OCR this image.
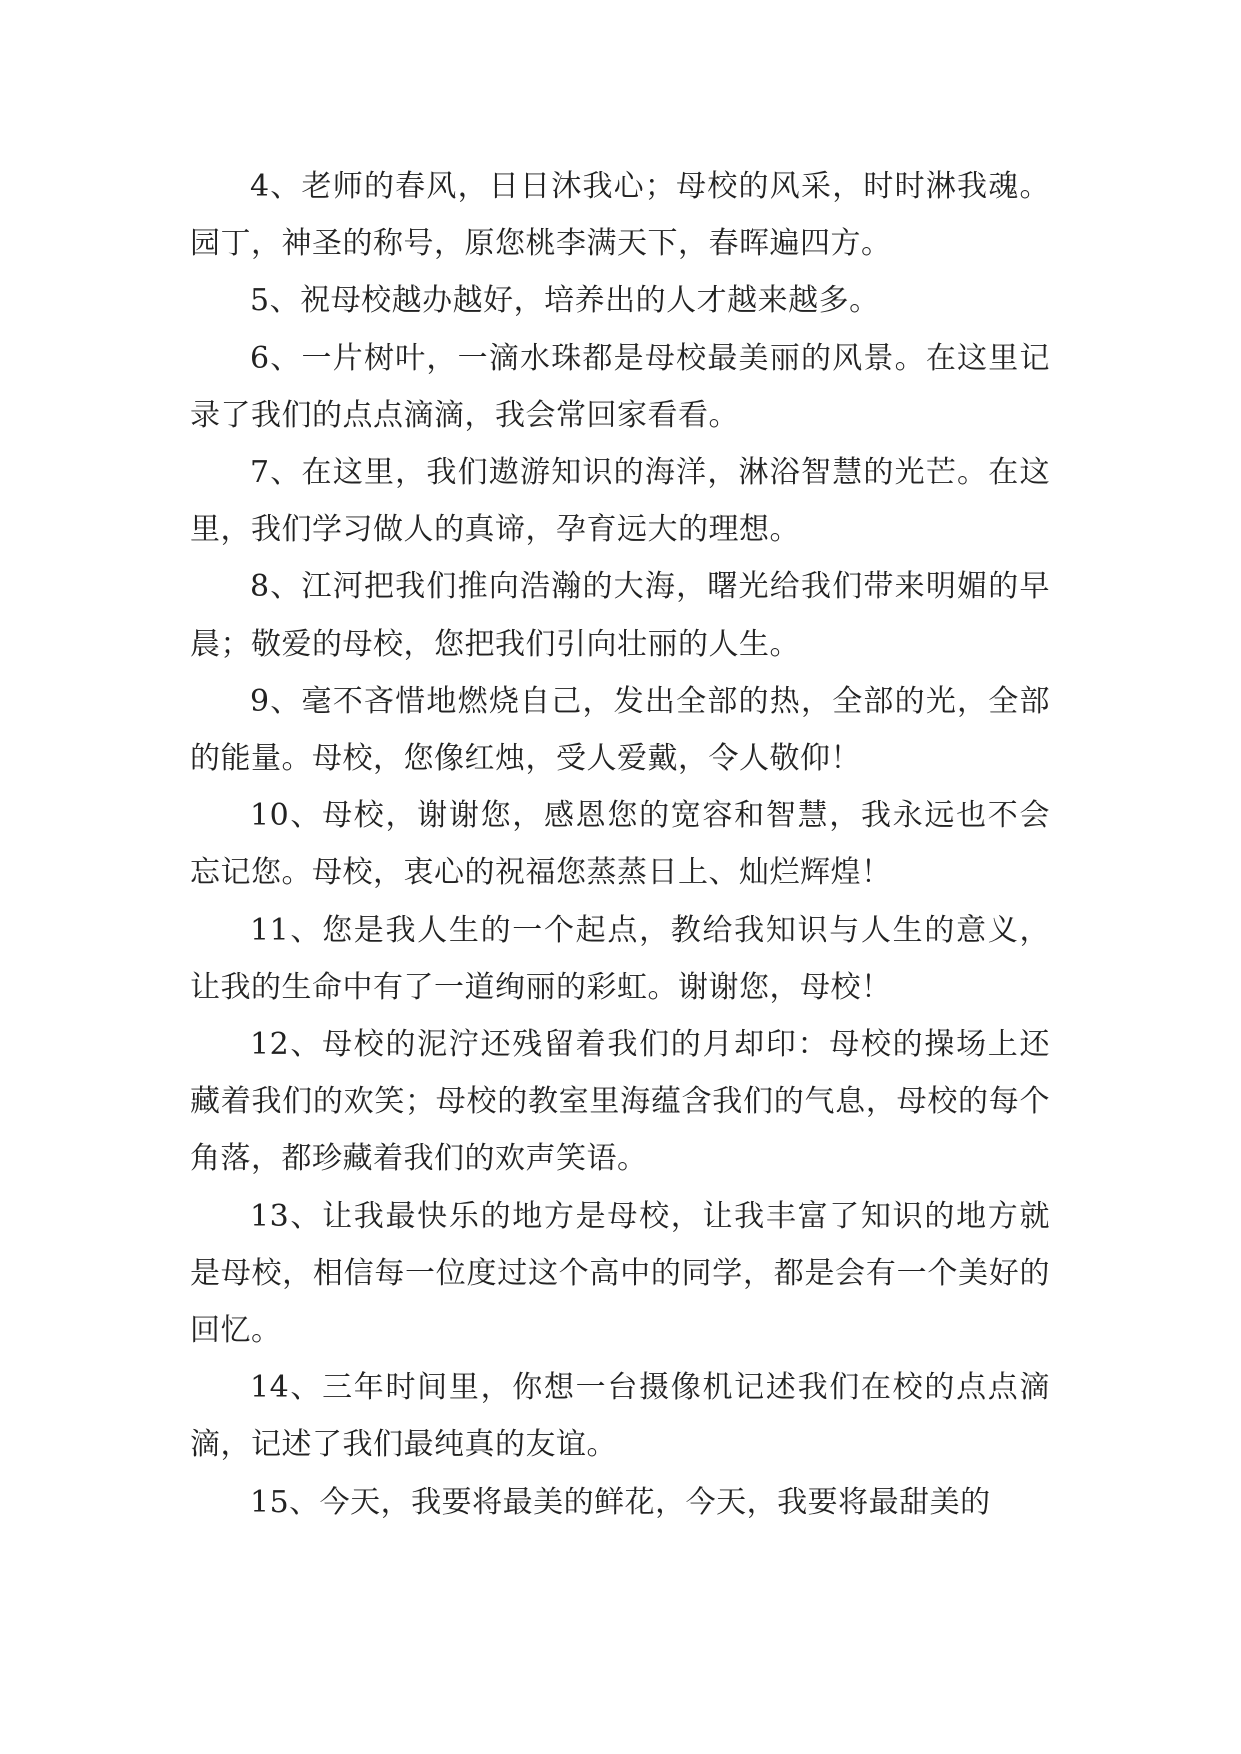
4、老师的春风，日日沐我心；母校的风采，时时淋我魂。园丁，神圣的称号，原您桃李满天下，春晖遍四方。

5、祝母校越办越好，培养出的人才越来越多。

6、一片树叶，一滴水珠都是母校最美丽的风景。在这里记录了我们的点点滴滴，我会常回家看看。

7、在这里，我们遨游知识的海洋，淋浴智慧的光芒。在这里，我们学习做人的真谛，孕育远大的理想。

8、江河把我们推向浩瀚的大海，曙光给我们带来明媚的早晨；敬爱的母校，您把我们引向壮丽的人生。

9、毫不吝惜地燃烧自己，发出全部的热，全部的光，全部的能量。母校，您像红烛，受人爱戴，令人敬仰！

10、母校，谢谢您，感恩您的宽容和智慧，我永远也不会忘记您。母校，衷心的祝福您蒸蒸日上、灿烂辉煌！

11、您是我人生的一个起点，教给我知识与人生的意义，让我的生命中有了一道绚丽的彩虹。谢谢您，母校！

12、母校的泥泞还残留着我们的月却印：母校的操场上还藏着我们的欢笑；母校的教室里海蕴含我们的气息，母校的每个角落，都珍藏着我们的欢声笑语。

13、让我最快乐的地方是母校，让我丰富了知识的地方就是母校，相信每一位度过这个高中的同学，都是会有一个美好的回忆。

14、三年时间里，你想一台摄像机记述我们在校的点点滴滴，记述了我们最纯真的友谊。

15、今天，我要将最美的鲜花，今天，我要将最甜美的
